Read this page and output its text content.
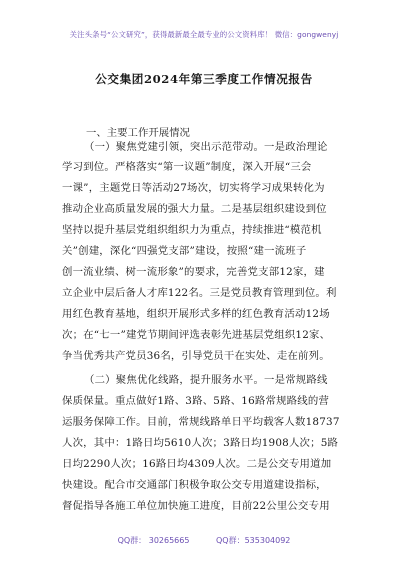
关注头条号“公文研究”，获得最新最全最专业的公文资料库！ 微信：gongwenyj
公交集团2024年第三季度工作情况报告
一、主要工作开展情况
（一）聚焦党建引领，突出示范带动。一是政治理论
学习到位。严格落实“第一议题”制度，深入开展“三会
一课”，主题党日等活动27场次，切实将学习成果转化为
推动企业高质量发展的强大力量。二是基层组织建设到位
坚持以提升基层党组织组织力为重点，持续推进“模范机
关”创建，深化“四强党支部”建设，按照“建一流班子
创一流业绩、树一流形象”的要求，完善党支部12家，建
立企业中层后备人才库122名。三是党员教育管理到位。利
用红色教育基地，组织开展形式多样的红色教育活动12场
次；在“七一”建党节期间评选表彰先进基层党组织12家、
争当优秀共产党员36名，引导党员干在实处、走在前列。
（二）聚焦优化线路，提升服务水平。一是常规路线
保质保量。重点做好1路、3路、5路、16路常规路线的营
运服务保障工作。目前，常规线路单日平均载客人数18737
人次，其中：1路日均5610人次；3路日均1908人次；5路
日均2290人次；16路日均4309人次。二是公交专用道加
快建设。配合市交通部门积极争取公交专用道建设指标，
督促指导各施工单位加快施工进度，目前22公里公交专用
QQ群： 30265665	QQ群：535304092
